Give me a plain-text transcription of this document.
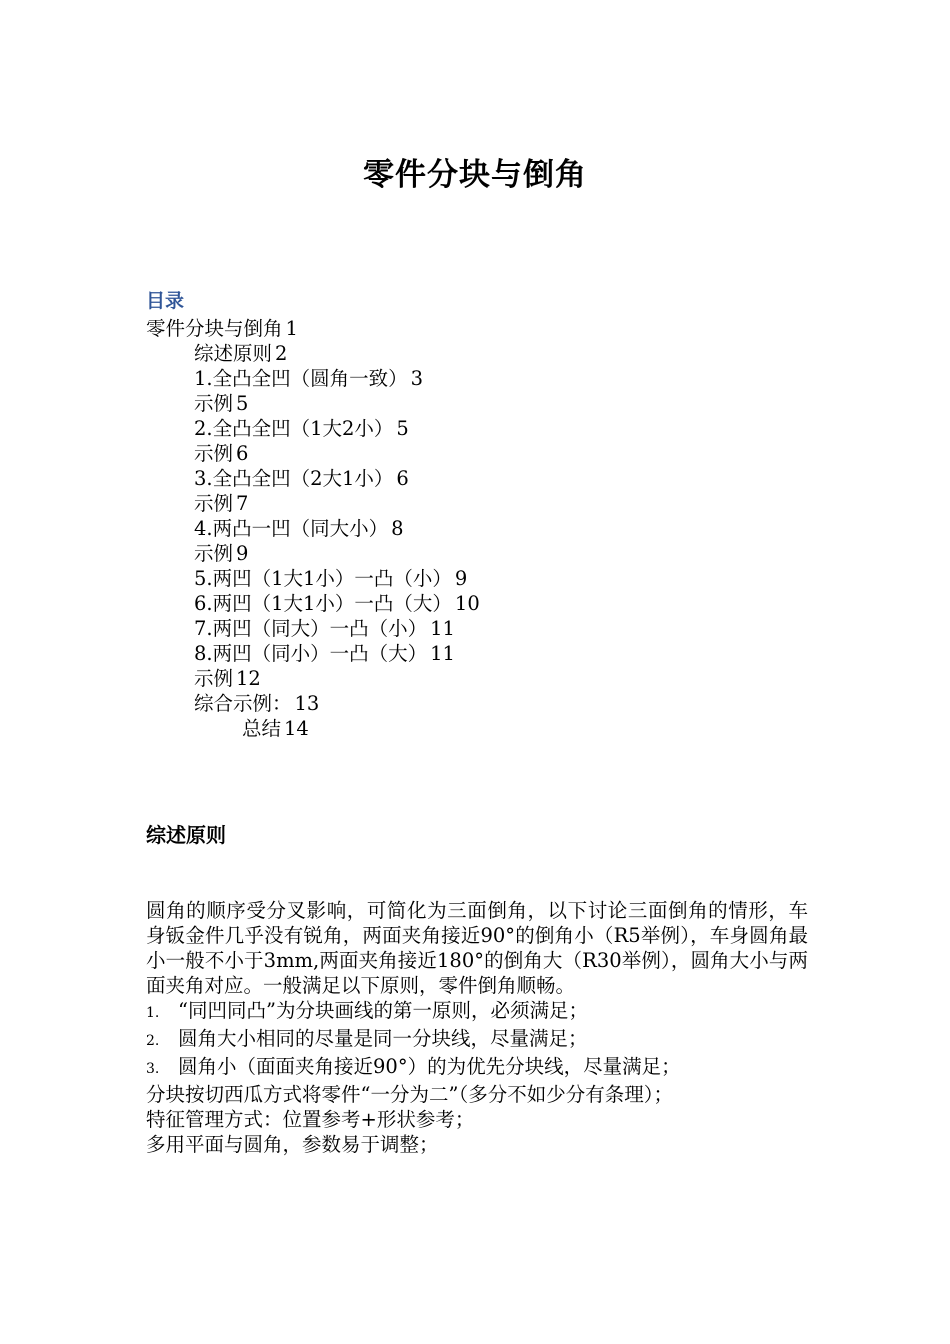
零件分块与倒角
目录
零件分块与倒角 1
综述原则 2
1.全凸全凹（圆角一致） 3
示例 5
2.全凸全凹（1大2小） 5
示例 6
3.全凸全凹（2大1小） 6
示例 7
4.两凸一凹（同大小） 8
示例 9
5.两凹（1大1小）一凸（小） 9
6.两凹（1大1小）一凸（大） 10
7.两凹（同大）一凸（小） 11
8.两凹（同小）一凸（大） 11
示例 12
综合示例： 13
总结 14
综述原则

圆角的顺序受分叉影响，可简化为三面倒角，以下讨论三面倒角的情形，车身钣金件几乎没有锐角，两面夹角接近90°的倒角小（R5举例），车身圆角最小一般不小于3mm,两面夹角接近180°的倒角大（R30举例），圆角大小与两面夹角对应。一般满足以下原则，零件倒角顺畅。

1. “同凹同凸”为分块画线的第一原则，必须满足；

2. 圆角大小相同的尽量是同一分块线，尽量满足；

3. 圆角小（面面夹角接近90°）的为优先分块线，尽量满足；

分块按切西瓜方式将零件“一分为二”（多分不如少分有条理）；

特征管理方式：位置参考+形状参考；

多用平面与圆角，参数易于调整；
